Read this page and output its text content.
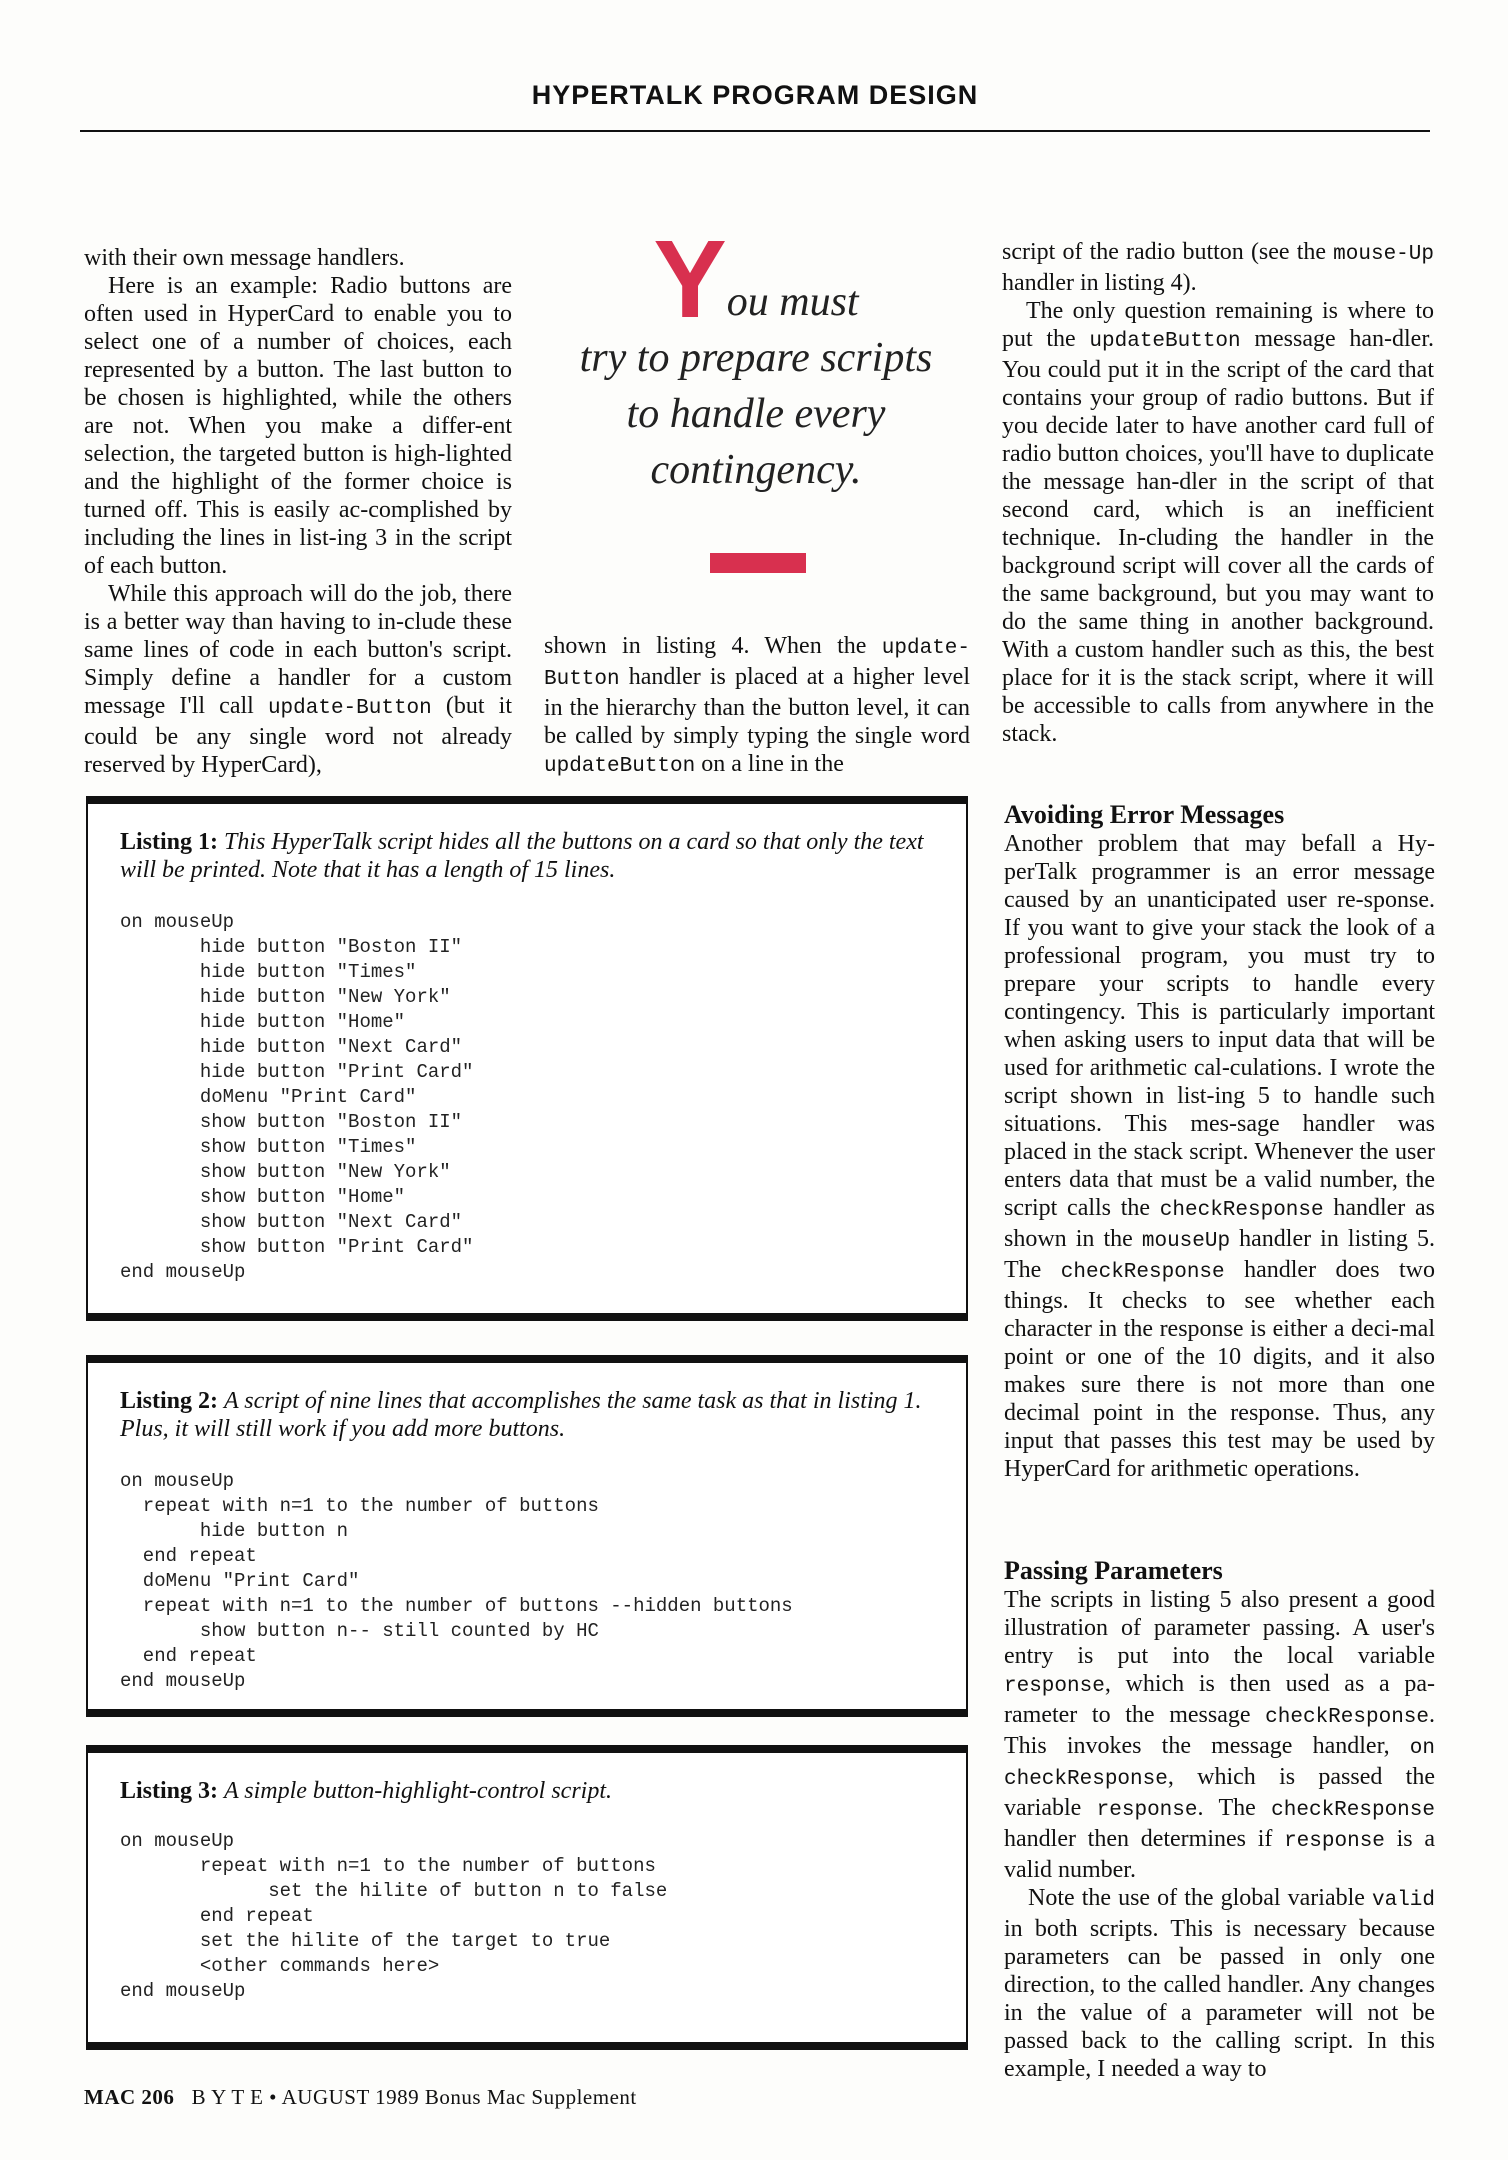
HYPERTALK PROGRAM DESIGN

with their own message handlers.

Here is an example: Radio buttons are often used in HyperCard to enable you to select one of a number of choices, each represented by a button. The last button to be chosen is highlighted, while the others are not. When you make a differ-ent selection, the targeted button is high-lighted and the highlight of the former choice is turned off. This is easily ac-complished by including the lines in list-ing 3 in the script of each button.

While this approach will do the job, there is a better way than having to in-clude these same lines of code in each button's script. Simply define a handler for a custom message I'll call update-Button (but it could be any single word not already reserved by HyperCard),

You must
try to prepare scripts
to handle every
contingency.

shown in listing 4. When the update-Button handler is placed at a higher level in the hierarchy than the button level, it can be called by simply typing the single word updateButton on a line in the

script of the radio button (see the mouse-Up handler in listing 4).

The only question remaining is where to put the updateButton message han-dler. You could put it in the script of the card that contains your group of radio buttons. But if you decide later to have another card full of radio button choices, you'll have to duplicate the message han-dler in the script of that second card, which is an inefficient technique. In-cluding the handler in the background script will cover all the cards of the same background, but you may want to do the same thing in another background. With a custom handler such as this, the best place for it is the stack script, where it will be accessible to calls from anywhere in the stack.

Avoiding Error Messages

Another problem that may befall a Hy-perTalk programmer is an error message caused by an unanticipated user re-sponse. If you want to give your stack the look of a professional program, you must try to prepare your scripts to handle every contingency. This is particularly important when asking users to input data that will be used for arithmetic cal-culations. I wrote the script shown in list-ing 5 to handle such situations. This mes-sage handler was placed in the stack script. Whenever the user enters data that must be a valid number, the script calls the checkResponse handler as shown in the mouseUp handler in listing 5. The checkResponse handler does two things. It checks to see whether each character in the response is either a deci-mal point or one of the 10 digits, and it also makes sure there is not more than one decimal point in the response. Thus, any input that passes this test may be used by HyperCard for arithmetic operations.

Passing Parameters

The scripts in listing 5 also present a good illustration of parameter passing. A user's entry is put into the local variable response, which is then used as a pa-rameter to the message checkResponse. This invokes the message handler, on checkResponse, which is passed the variable response. The checkResponse handler then determines if response is a valid number.

Note the use of the global variable valid in both scripts. This is necessary because parameters can be passed in only one direction, to the called handler. Any changes in the value of a parameter will not be passed back to the calling script. In this example, I needed a way to

Listing 1: This HyperTalk script hides all the buttons on a card so that only the text will be printed. Note that it has a length of 15 lines.
on mouseUp
hide button "Boston II"
hide button "Times"
hide button "New York"
hide button "Home"
hide button "Next Card"
hide button "Print Card"
doMenu "Print Card"
show button "Boston II"
show button "Times"
show button "New York"
show button "Home"
show button "Next Card"
show button "Print Card"
end mouseUp
Listing 2: A script of nine lines that accomplishes the same task as that in listing 1. Plus, it will still work if you add more buttons.
on mouseUp
repeat with n=1 to the number of buttons
hide button n
end repeat
doMenu "Print Card"
repeat with n=1 to the number of buttons --hidden buttons
show button n-- still counted by HC
end repeat
end mouseUp
Listing 3: A simple button-highlight-control script.
on mouseUp
repeat with n=1 to the number of buttons
set the hilite of button n to false
end repeat
set the hilite of the target to true
<other commands here>
end mouseUp
MAC 206 B Y T E • AUGUST 1989 Bonus Mac Supplement
